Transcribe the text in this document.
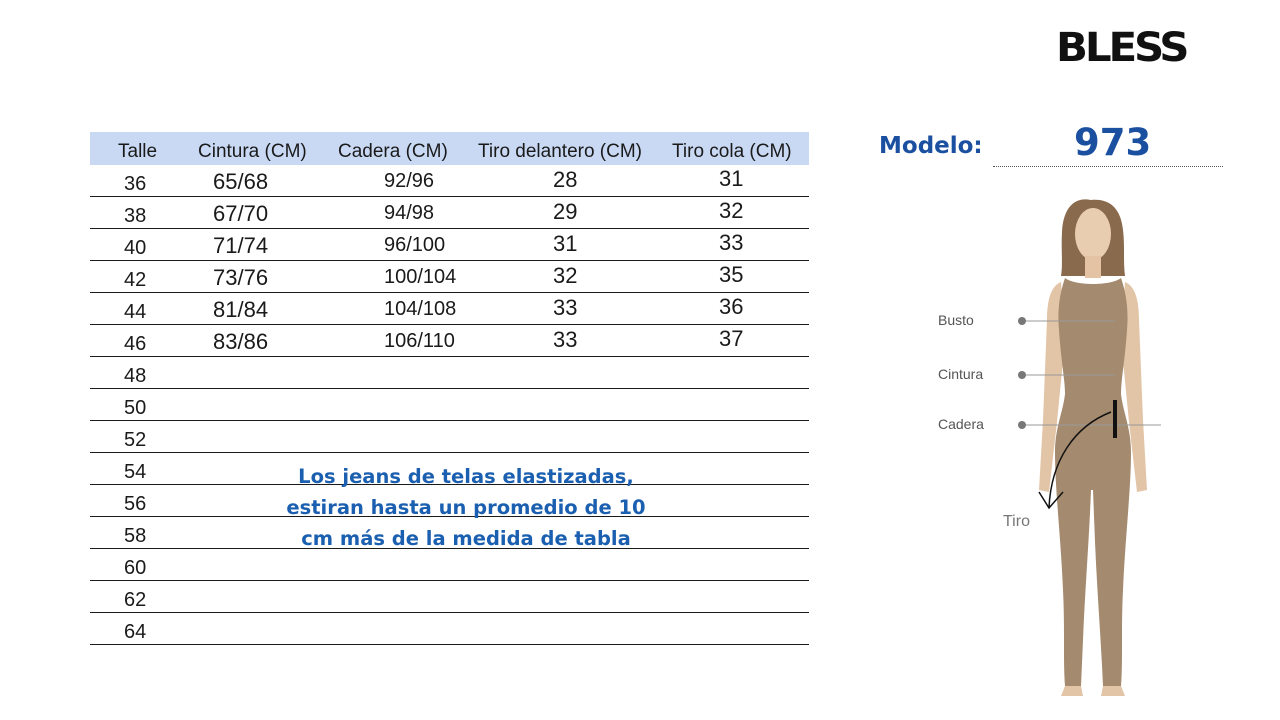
BLESS
Talle Cintura (CM) Cadera (CM) Tiro delantero (CM) Tiro cola (CM)
36	65/68	92/96	28	31
38	67/70	94/98	29	32
40	71/74	96/100	31	33
42	73/76	100/104	32	35
44	81/84	104/108	33	36
46	83/86	106/110	33	37
48
50
52
54
56
58
60
62
64
Los jeans de telas elastizadas,
estiran hasta un promedio de 10
cm más de la medida de tabla
Modelo: 973
Busto
Cintura
Cadera
Tiro
